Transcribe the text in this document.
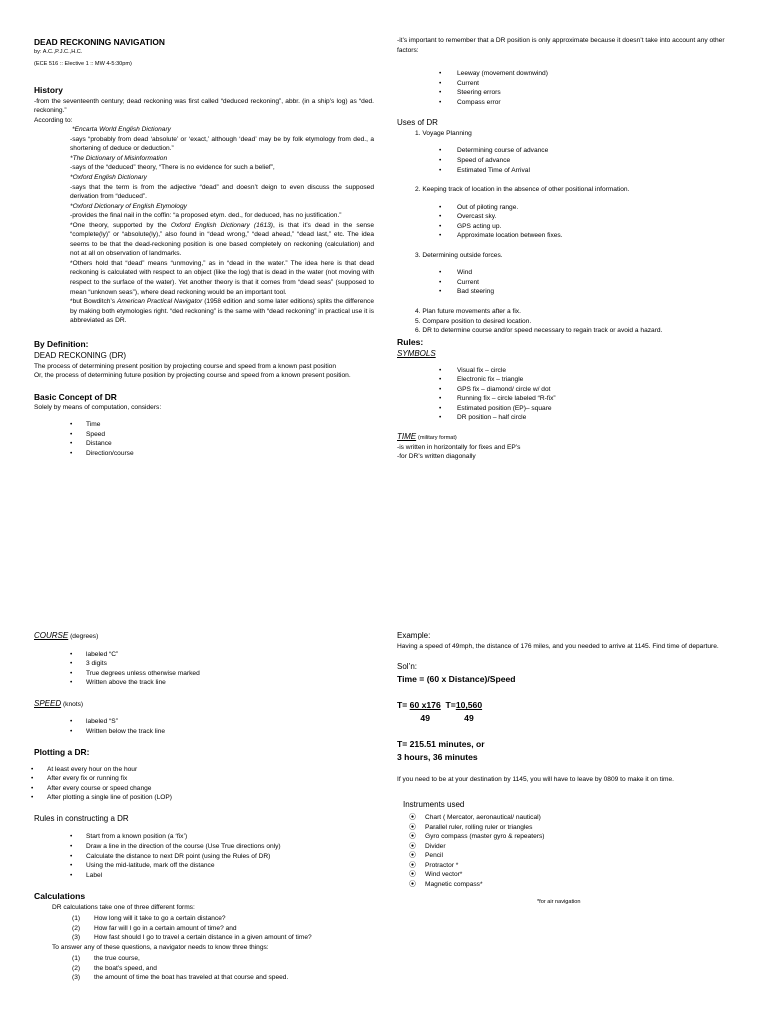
DEAD RECKONING NAVIGATION

by: A.C.,P.J.C.,H.C.

(ECE 516 :: Elective 1 :: MW 4-5:30pm)

History

-from the seventeenth century; dead reckoning was first called “deduced reckoning”, abbr. (in a ship’s log) as “ded. reckoning.”

According to:

*Encarta World English Dictionary

-says “probably from dead ‘absolute’ or ‘exact,’ although ‘dead’ may be by folk etymology from ded., a shortening of deduce or deduction.”

*The Dictionary of Misinformation

-says of the “deduced” theory, “There is no evidence for such a belief”,

*Oxford English Dictionary

-says that the term is from the adjective “dead” and doesn’t deign to even discuss the supposed derivation from “deduced”.

*Oxford Dictionary of English Etymology

-provides the final nail in the coffin: “a proposed etym. ded., for deduced, has no justification.”

*One theory, supported by the Oxford English Dictionary (1613), is that it’s dead in the sense “complete(ly)” or “absolute(ly),” also found in “dead wrong,” “dead ahead,” “dead last,” etc. The idea seems to be that the dead-reckoning position is one based completely on reckoning (calculation) and not at all on observation of landmarks.

*Others hold that “dead” means “unmoving,” as in “dead in the water.” The idea here is that dead reckoning is calculated with respect to an object (like the log) that is dead in the water (not moving with respect to the surface of the water). Yet another theory is that it comes from “dead seas” (supposed to mean “unknown seas”), where dead reckoning would be an important tool.

*but Bowditch’s American Practical Navigator (1958 edition and some later editions) splits the difference by making both etymologies right. “ded reckoning” is the same with “dead reckoning” in practical use it is abbreviated as DR.

By Definition:

DEAD RECKONING (DR)

The process of determining present position by projecting course and speed from a known past position

Or, the process of determining future position by projecting course and speed from a known present position.

Basic Concept of DR

Solely by means of computation, considers:

• Time
• Speed
• Distance
• Direction/course

-it’s important to remember that a DR position is only approximate because it doesn’t take into account any other factors:

• Leeway (movement downwind)
• Current
• Steering errors
• Compass error

Uses of DR

1. Voyage Planning

• Determining course of advance
• Speed of advance
• Estimated Time of Arrival

2. Keeping track of location in the absence of other positional information.

• Out of piloting range.
• Overcast sky.
• GPS acting up.
• Approximate location between fixes.

3. Determining outside forces.

• Wind
• Current
• Bad steering

4. Plan future movements after a fix.

5. Compare position to desired location.

6. DR to determine course and/or speed necessary to regain track or avoid a hazard.

Rules:

SYMBOLS

• Visual fix – circle
• Electronic fix – triangle
• GPS fix – diamond/ circle w/ dot
• Running fix – circle labeled “R-fix”
• Estimated position (EP)– square
• DR position – half circle

TIME (military format)

-is written in horizontally for fixes and EP’s

-for DR’s written diagonally

COURSE (degrees)

• labeled “C”
• 3 digits
• True degrees unless otherwise marked
• Written above the track line

SPEED (knots)

• labeled “S”
• Written below the track line

Plotting a DR:

• At least every hour on the hour
• After every fix or running fix
• After every course or speed change
• After plotting a single line of position (LOP)

Rules in constructing a DR

• Start from a known position (a ‘fix’)
• Draw a line in the direction of the course (Use True directions only)
• Calculate the distance to next DR point (using the Rules of DR)
• Using the mid-latitude, mark off the distance
• Label

Calculations

DR calculations take one of three different forms:

(1) How long will it take to go a certain distance?
(2) How far will I go in a certain amount of time? and
(3) How fast should I go to travel a certain distance in a given amount of time?

To answer any of these questions, a navigator needs to know three things:

(1) the true course,
(2) the boat’s speed, and
(3) the amount of time the boat has traveled at that course and speed.

Example:

Having a speed of 49mph, the distance of 176 miles, and you needed to arrive at 1145. Find time of departure.

Sol’n:

Time = (60 x Distance)/Speed

$T= \frac{60 x176}{49} T= \frac{10,560}{49}$

T= 215.51 minutes, or

3 hours, 36 minutes

If you need to be at your destination by 1145, you will have to leave by 0809 to make it on time.

Instruments used

⦿ Chart ( Mercator, aeronautical/ nautical)
⦿ Parallel ruler, rolling ruler or triangles
⦿ Gyro compass (master gyro & repeaters)
⦿ Divider
⦿ Pencil
⦿ Protractor *
⦿ Wind vector*
⦿ Magnetic compass*

*for air navigation
